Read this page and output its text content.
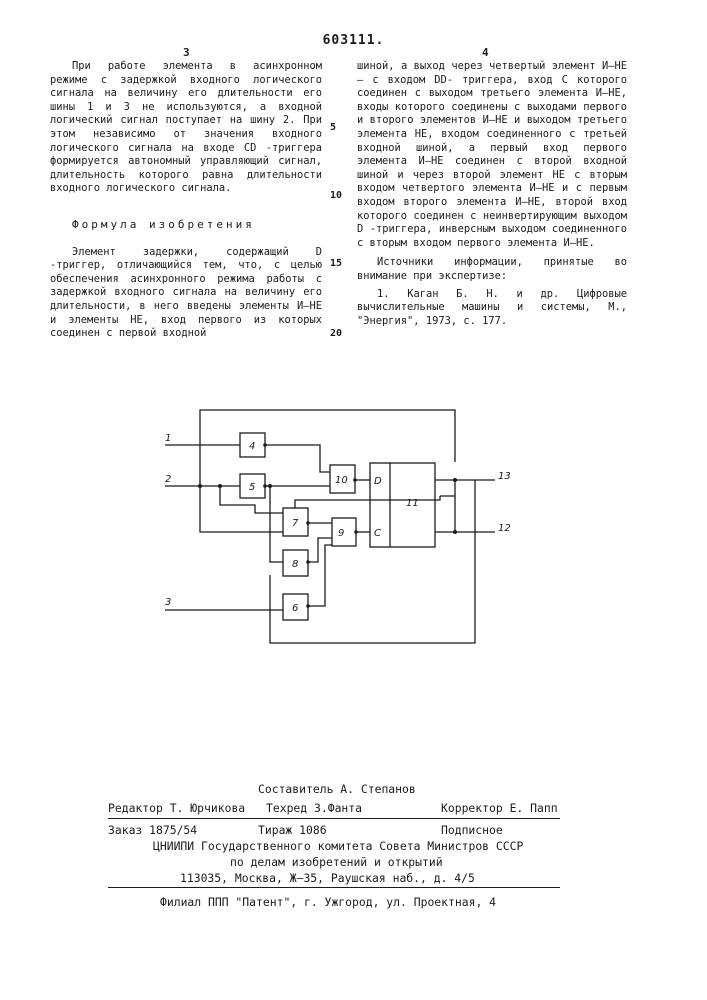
603111.
3	4

При работе элемента в асинхронном режиме с задержкой входного логического сигнала на величину его длительности его шины 1 и 3 не используются, а входной логический сигнал поступает на шину 2. При этом независимо от значения входного логического сигнала на входе CD -триггера формируется автономный управляющий сигнал, длительность которого равна длительности входного логического сигнала.

Формула изобретения

Элемент задержки, содержащий D -триггер, отличающийся тем, что, с целью обеспечения асинхронного режима работы с задержкой входного сигнала на величину его длительности, в него введены элементы И–НЕ и элементы НЕ, вход первого из которых соединен с первой входной

шиной, а выход через четвертый элемент И–НЕ – с входом DD- триггера, вход C которого соединен с выходом третьего элемента И–НЕ, входы которого соединены с выходами первого и второго элементов И–НЕ и выходом третьего элемента НЕ, входом соединенного с третьей входной шиной, а первый вход первого элемента И–НЕ соединен с второй входной шиной и через второй элемент НЕ с вторым входом четвертого элемента И–НЕ и с первым входом второго элемента И–НЕ, второй вход которого соединен с неинвертирующим выходом D -триггера, инверсным выходом соединенного с вторым входом первого элемента И–НЕ.

Источники информации, принятые во внимание при экспертизе:

1. Каган Б. Н. и др. Цифровые вычислительные машины и системы, М., "Энергия", 1973, с. 177.

5
10
15
20
1
2
3
4
5
7
8
6
10
9
11
D
C
13
12
Составитель А. Степанов
Редактор Т. Юрчикова Техред З.Фанта	Корректор Е. Папп
Заказ 1875/54	Тираж 1086	Подписное
ЦНИИПИ Государственного комитета Совета Министров СССР
по делам изобретений и открытий
113035, Москва, Ж–35, Раушская наб., д. 4/5
Филиал ППП "Патент", г. Ужгород, ул. Проектная, 4
